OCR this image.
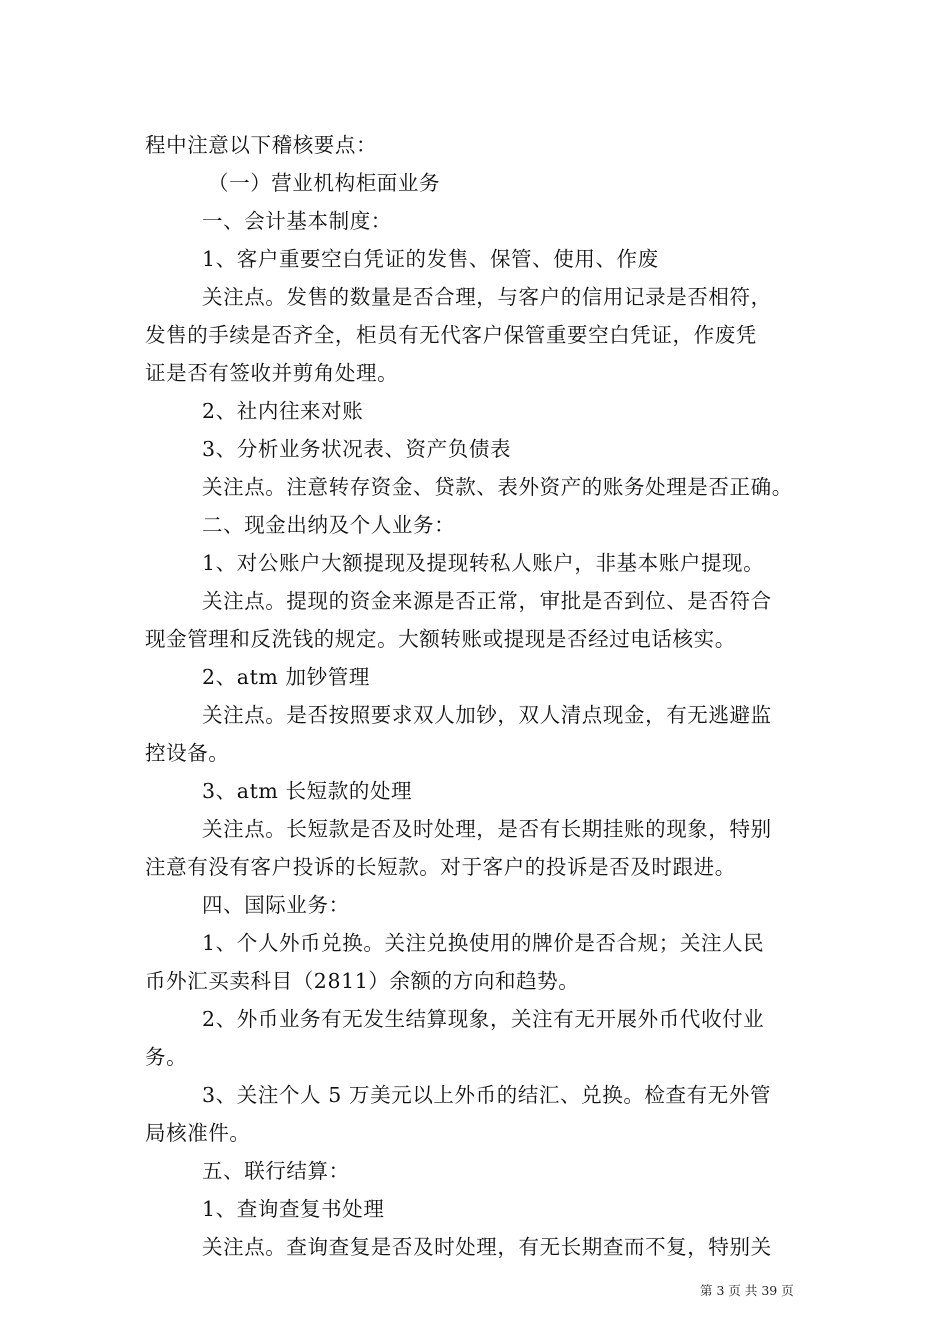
程中注意以下稽核要点：
（一）营业机构柜面业务
一、会计基本制度：
1、客户重要空白凭证的发售、保管、使用、作废
关注点。发售的数量是否合理，与客户的信用记录是否相符，
发售的手续是否齐全，柜员有无代客户保管重要空白凭证，作废凭
证是否有签收并剪角处理。
2、社内往来对账
3、分析业务状况表、资产负债表
关注点。注意转存资金、贷款、表外资产的账务处理是否正确。
二、现金出纳及个人业务：
1、对公账户大额提现及提现转私人账户，非基本账户提现。
关注点。提现的资金来源是否正常，审批是否到位、是否符合
现金管理和反洗钱的规定。大额转账或提现是否经过电话核实。
2、atm 加钞管理
关注点。是否按照要求双人加钞，双人清点现金，有无逃避监
控设备。
3、atm 长短款的处理
关注点。长短款是否及时处理，是否有长期挂账的现象，特别
注意有没有客户投诉的长短款。对于客户的投诉是否及时跟进。
四、国际业务：
1、个人外币兑换。关注兑换使用的牌价是否合规；关注人民
币外汇买卖科目（2811）余额的方向和趋势。
2、外币业务有无发生结算现象，关注有无开展外币代收付业
务。
3、关注个人 5 万美元以上外币的结汇、兑换。检查有无外管
局核准件。
五、联行结算：
1、查询查复书处理
第 3 页 共 39 页
关注点。查询查复是否及时处理，有无长期查而不复，特别关
